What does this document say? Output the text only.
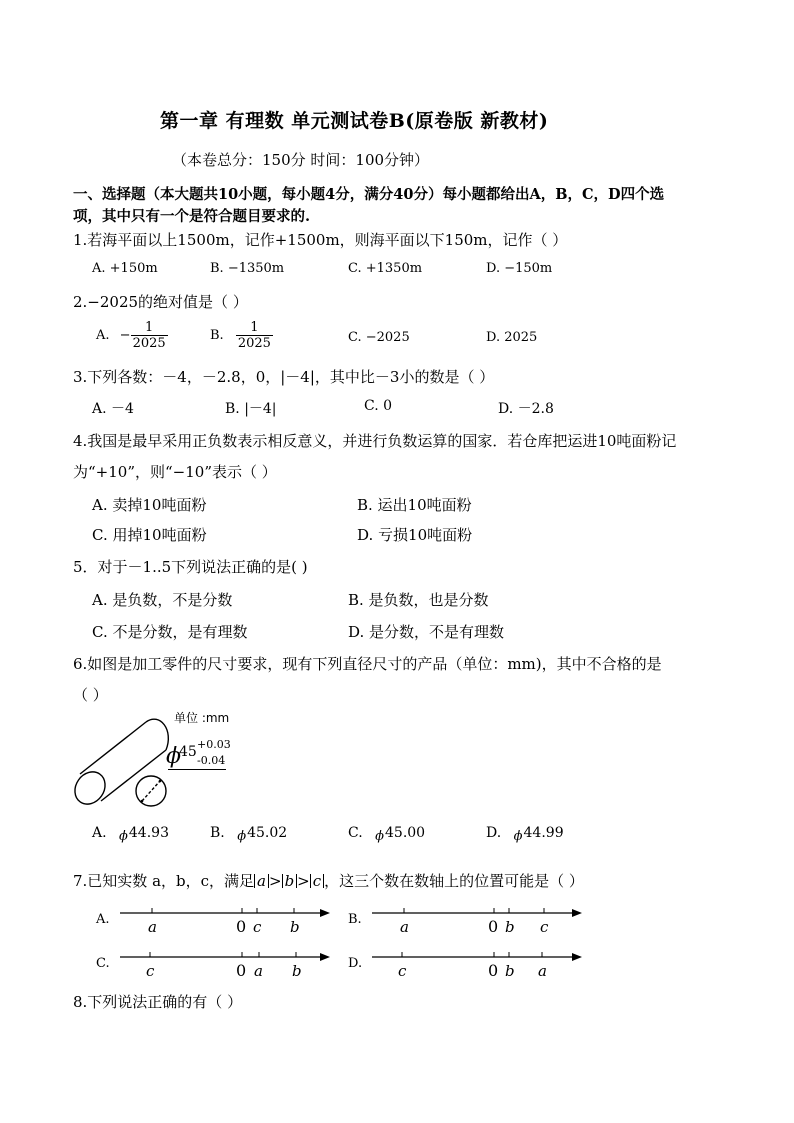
第一章 有理数 单元测试卷B(原卷版 新教材)
（本卷总分：150分 时间：100分钟）
一、选择题（本大题共10小题，每小题4分，满分40分）每小题都给出A，B，C，D四个选
项，其中只有一个是符合题目要求的.
1.若海平面以上1500m，记作+1500m，则海平面以下150m，记作（ ）
A. +150m	B. −1350m	C. +1350m	D. −150m
2.−2025的绝对值是（ ）
A. − $\frac{1}{2025}$	B. $\frac{1}{2025}$	C. −2025	D. 2025
3.下列各数：－4，－2.8，0，|－4|，其中比－3小的数是（ ）
A. －4	B. |－4|	C. 0	D. －2.8
4.我国是最早采用正负数表示相反意义，并进行负数运算的国家．若仓库把运进10吨面粉记
为“+10”，则“−10”表示（ ）
A. 卖掉10吨面粉	B. 运出10吨面粉
C. 用掉10吨面粉	D. 亏损10吨面粉
5．对于－1..5下列说法正确的是( )
A. 是负数，不是分数	B. 是负数，也是分数
C. 不是分数，是有理数	D. 是分数，不是有理数
6.如图是加工零件的尺寸要求，现有下列直径尺寸的产品（单位：mm)，其中不合格的是
（ ）
单位 :mm
ϕ
45 +0.03
-0.04
A. ϕ44.93	B. ϕ45.02	C. ϕ45.00	D. ϕ44.99
7.已知实数 a，b，c，满足 a > b > c ，这三个数在数轴上的位置可能是（ ）
A.	a	0 c b	B.	a	0 b c
C. c	0 a b	D. c	0 b a
8.下列说法正确的有（ ）
